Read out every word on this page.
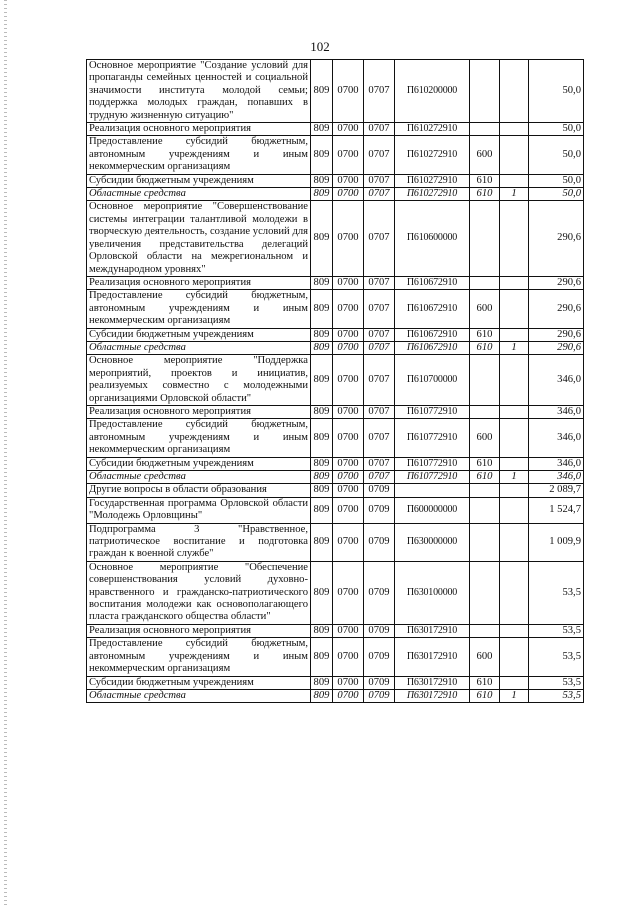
102
Основное мероприятие "Создание условий для пропаганды семейных ценностей и социальной значимости института молодой семьи; поддержка молодых граждан, попавших в трудную жизненную ситуацию"	809	0700	0707	П610200000			50,0
Реализация основного мероприятия	809	0700	0707	П610272910			50,0
Предоставление субсидий бюджетным, автономным учреждениям и иным некоммерческим организациям	809	0700	0707	П610272910	600		50,0
Субсидии бюджетным учреждениям	809	0700	0707	П610272910	610		50,0
Областные средства	809	0700	0707	П610272910	610	1	50,0
Основное мероприятие "Совершенствование системы интеграции талантливой молодежи в творческую деятельность, создание условий для увеличения представительства делегаций Орловской области на межрегиональном и международном уровнях"	809	0700	0707	П610600000			290,6
Реализация основного мероприятия	809	0700	0707	П610672910			290,6
Предоставление субсидий бюджетным, автономным учреждениям и иным некоммерческим организациям	809	0700	0707	П610672910	600		290,6
Субсидии бюджетным учреждениям	809	0700	0707	П610672910	610		290,6
Областные средства	809	0700	0707	П610672910	610	1	290,6
Основное мероприятие "Поддержка мероприятий, проектов и инициатив, реализуемых совместно с молодежными организациями Орловской области"	809	0700	0707	П610700000			346,0
Реализация основного мероприятия	809	0700	0707	П610772910			346,0
Предоставление субсидий бюджетным, автономным учреждениям и иным некоммерческим организациям	809	0700	0707	П610772910	600		346,0
Субсидии бюджетным учреждениям	809	0700	0707	П610772910	610		346,0
Областные средства	809	0700	0707	П610772910	610	1	346,0
Другие вопросы в области образования	809	0700	0709				2 089,7
Государственная программа Орловской области "Молодежь Орловщины"	809	0700	0709	П600000000			1 524,7
Подпрограмма 3 "Нравственное, патриотическое воспитание и подготовка граждан к военной службе"	809	0700	0709	П630000000			1 009,9
Основное мероприятие "Обеспечение совершенствования условий духовно-нравственного и гражданско-патриотического воспитания молодежи как основополагающего пласта гражданского общества области"	809	0700	0709	П630100000			53,5
Реализация основного мероприятия	809	0700	0709	П630172910			53,5
Предоставление субсидий бюджетным, автономным учреждениям и иным некоммерческим организациям	809	0700	0709	П630172910	600		53,5
Субсидии бюджетным учреждениям	809	0700	0709	П630172910	610		53,5
Областные средства	809	0700	0709	П630172910	610	1	53,5
